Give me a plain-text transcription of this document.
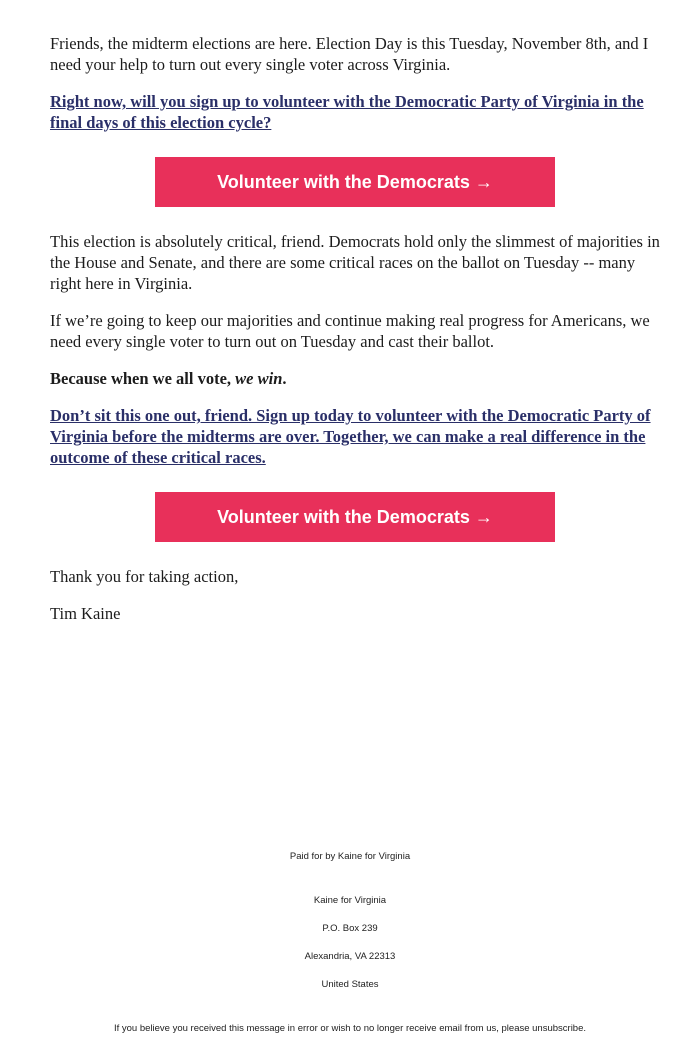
Friends, the midterm elections are here. Election Day is this Tuesday, November 8th, and I need your help to turn out every single voter across Virginia.

Right now, will you sign up to volunteer with the Democratic Party of Virginia in the final days of this election cycle?

Volunteer with the Democrats →

This election is absolutely critical, friend. Democrats hold only the slimmest of majorities in the House and Senate, and there are some critical races on the ballot on Tuesday -- many right here in Virginia.

If we’re going to keep our majorities and continue making real progress for Americans, we need every single voter to turn out on Tuesday and cast their ballot.

Because when we all vote, we win.

Don’t sit this one out, friend. Sign up today to volunteer with the Democratic Party of Virginia before the midterms are over. Together, we can make a real difference in the outcome of these critical races.

Volunteer with the Democrats →

Thank you for taking action,

Tim Kaine

Paid for by Kaine for Virginia
Kaine for Virginia
P.O. Box 239
Alexandria, VA 22313
United States
If you believe you received this message in error or wish to no longer receive email from us, please unsubscribe.
